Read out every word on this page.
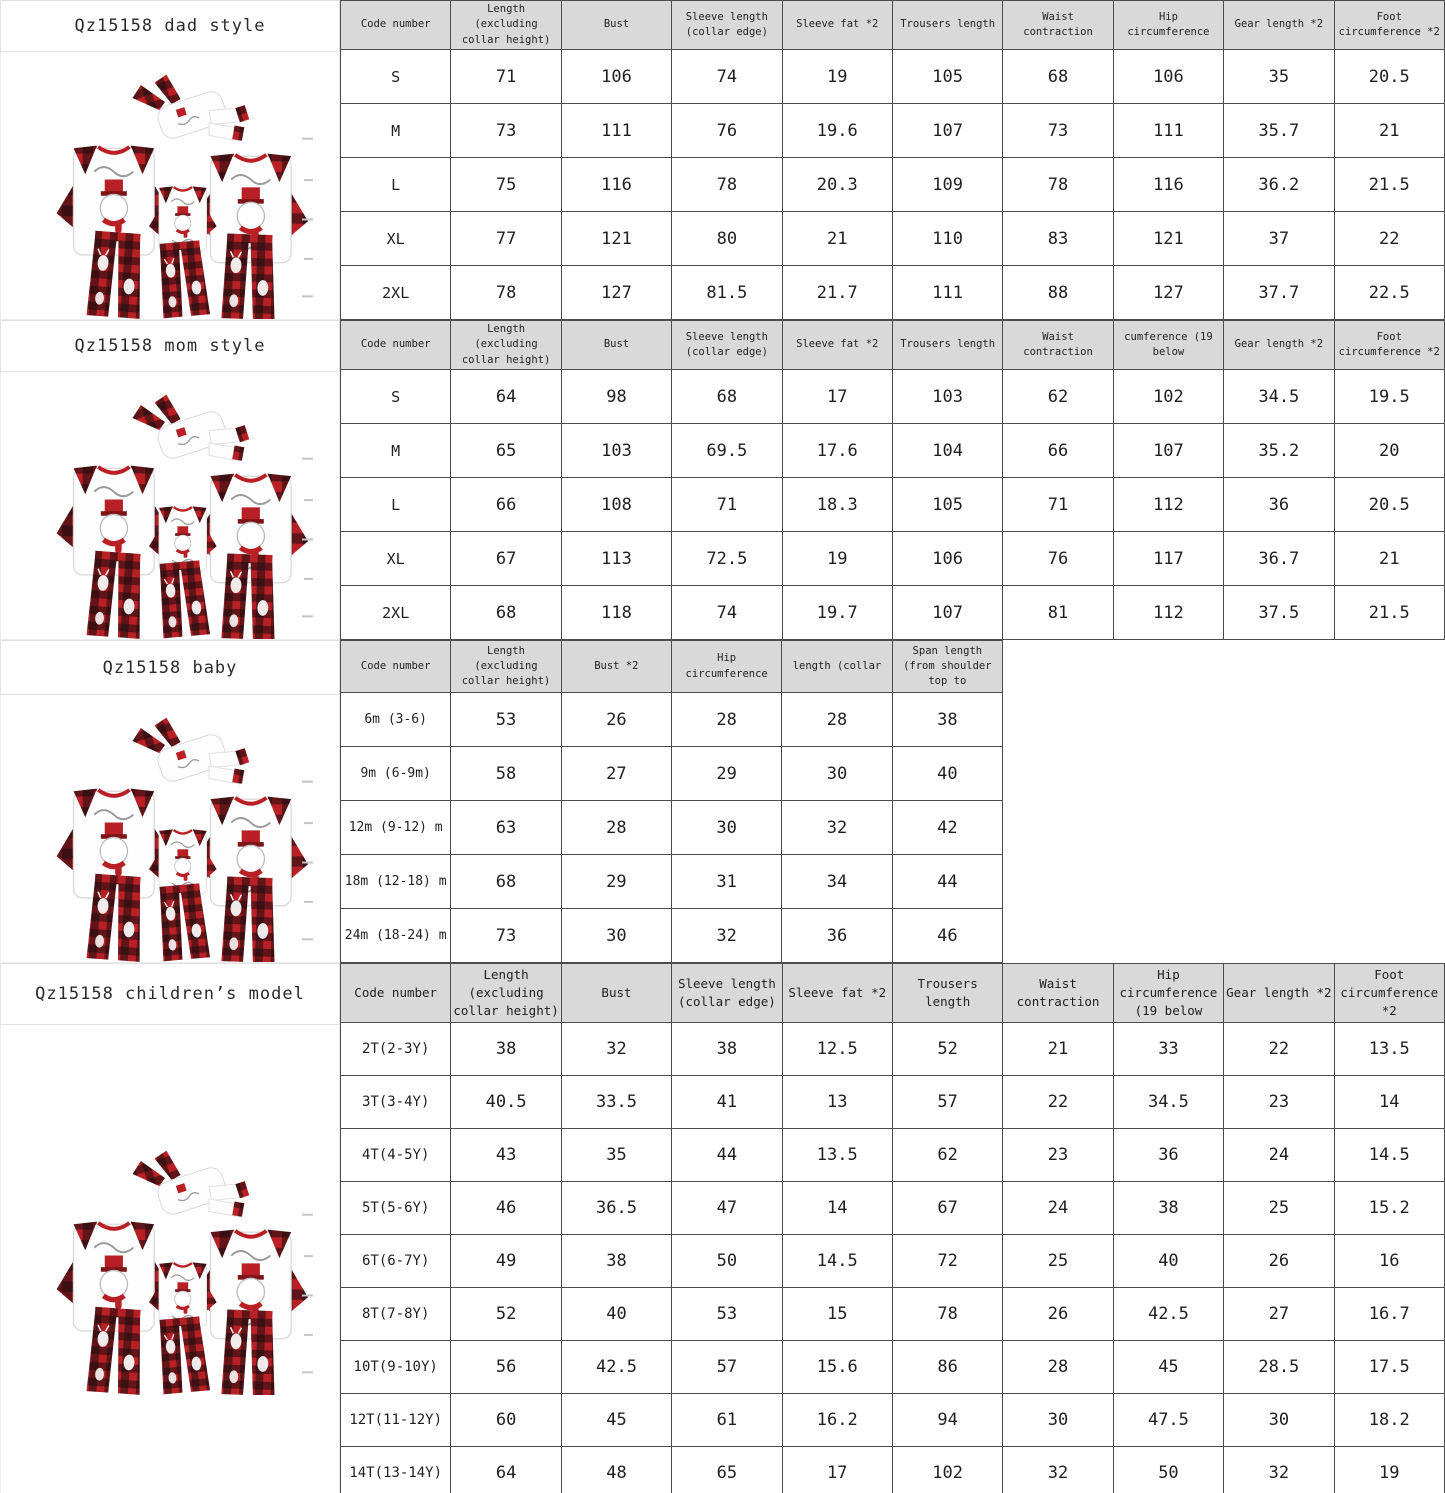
Qz15158 dad style	Code number	Length (excluding collar height)	Bust	Sleeve length (collar edge)	Sleeve fat *2	Trousers length	Waist contraction	Hip circumference	Gear length *2	Foot circumference *2
S	71	106	74	19	105	68	106	35	20.5
M	73	111	76	19.6	107	73	111	35.7	21
L	75	116	78	20.3	109	78	116	36.2	21.5
XL	77	121	80	21	110	83	121	37	22
2XL	78	127	81.5	21.7	111	88	127	37.7	22.5
Qz15158 mom style	Code number	Length (excluding collar height)	Bust	Sleeve length (collar edge)	Sleeve fat *2	Trousers length	Waist contraction	cumference (19 below	Gear length *2	Foot circumference *2
S	64	98	68	17	103	62	102	34.5	19.5
M	65	103	69.5	17.6	104	66	107	35.2	20
L	66	108	71	18.3	105	71	112	36	20.5
XL	67	113	72.5	19	106	76	117	36.7	21
2XL	68	118	74	19.7	107	81	112	37.5	21.5
Qz15158 baby	Code number	Length (excluding collar height)	Bust *2	Hip circumference	length (collar	Span length (from shoulder top to
6m (3-6)	53	26	28	28	38
9m (6-9m)	58	27	29	30	40
12m (9-12) m	63	28	30	32	42
18m (12-18) m	68	29	31	34	44
24m (18-24) m	73	30	32	36	46
Qz15158 children’s model	Code number	Length (excluding collar height)	Bust	Sleeve length (collar edge)	Sleeve fat *2	Trousers length	Waist contraction	Hip circumference (19 below	Gear length *2	Foot circumference *2
2T(2-3Y)	38	32	38	12.5	52	21	33	22	13.5
3T(3-4Y)	40.5	33.5	41	13	57	22	34.5	23	14
4T(4-5Y)	43	35	44	13.5	62	23	36	24	14.5
5T(5-6Y)	46	36.5	47	14	67	24	38	25	15.2
6T(6-7Y)	49	38	50	14.5	72	25	40	26	16
8T(7-8Y)	52	40	53	15	78	26	42.5	27	16.7
10T(9-10Y)	56	42.5	57	15.6	86	28	45	28.5	17.5
12T(11-12Y)	60	45	61	16.2	94	30	47.5	30	18.2
14T(13-14Y)	64	48	65	17	102	32	50	32	19
